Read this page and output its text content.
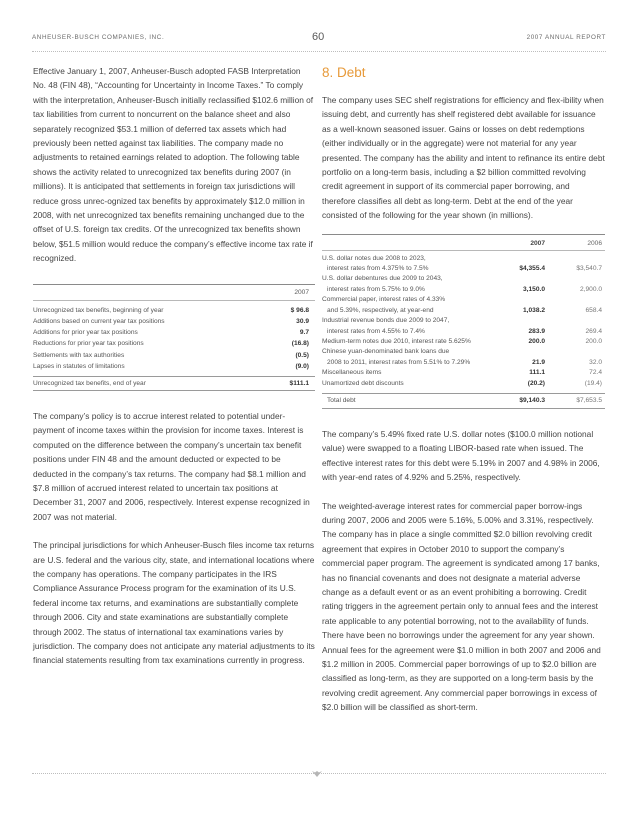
ANHEUSER-BUSCH COMPANIES, INC.	60	2007 ANNUAL REPORT

Effective January 1, 2007, Anheuser-Busch adopted FASB Interpretation No. 48 (FIN 48), “Accounting for Uncertainty in Income Taxes.” To comply with the interpretation, Anheuser-Busch initially reclassified $102.6 million of tax liabilities from current to noncurrent on the balance sheet and also separately recognized $53.1 million of deferred tax assets which had previously been netted against tax liabilities. The company made no adjustments to retained earnings related to adoption. The following table shows the activity related to unrecognized tax benefits during 2007 (in millions). It is anticipated that settlements in foreign tax jurisdictions will reduce gross unrec-ognized tax benefits by approximately $12.0 million in 2008, with net unrecognized tax benefits remaining unchanged due to the offset of U.S. foreign tax credits. Of the unrecognized tax benefits shown below, $51.5 million would reduce the company’s effective income tax rate if recognized.

2007
Unrecognized tax benefits, beginning of year	$ 96.8
Additions based on current year tax positions	30.9
Additions for prior year tax positions	9.7
Reductions for prior year tax positions	(16.8)
Settlements with tax authorities	(0.5)
Lapses in statutes of limitations	(9.0)
Unrecognized tax benefits, end of year	$111.1

The company’s policy is to accrue interest related to potential under-payment of income taxes within the provision for income taxes. Interest is computed on the difference between the company’s uncertain tax benefit positions under FIN 48 and the amount deducted or expected to be deducted in the company’s tax returns. The company had $8.1 million and $7.8 million of accrued interest related to uncertain tax positions at December 31, 2007 and 2006, respectively. Interest expense recognized in 2007 was not material.

The principal jurisdictions for which Anheuser-Busch files income tax returns are U.S. federal and the various city, state, and international locations where the company has operations. The company participates in the IRS Compliance Assurance Process program for the examination of its U.S. federal income tax returns, and examinations are substantially complete through 2006. City and state examinations are substantially complete through 2002. The status of international tax examinations varies by jurisdiction. The company does not anticipate any material adjustments to its financial statements resulting from tax examinations currently in progress.

8. Debt

The company uses SEC shelf registrations for efficiency and flex-ibility when issuing debt, and currently has shelf registered debt available for issuance as a well-known seasoned issuer. Gains or losses on debt redemptions (either individually or in the aggregate) were not material for any year presented. The company has the ability and intent to refinance its entire debt portfolio on a long-term basis, including a $2 billion committed revolving credit agreement in support of its commercial paper borrowing, and therefore classifies all debt as long-term. Debt at the end of the year consisted of the following for the year shown (in millions).

2007	2006
U.S. dollar notes due 2008 to 2023,
interest rates from 4.375% to 7.5%	$4,355.4	$3,540.7
U.S. dollar debentures due 2009 to 2043,
interest rates from 5.75% to 9.0%	3,150.0	2,900.0
Commercial paper, interest rates of 4.33%
and 5.39%, respectively, at year-end	1,038.2	658.4
Industrial revenue bonds due 2009 to 2047,
interest rates from 4.55% to 7.4%	283.9	269.4
Medium-term notes due 2010, interest rate 5.625%	200.0	200.0
Chinese yuan-denominated bank loans due
2008 to 2011, interest rates from 5.51% to 7.29%	21.9	32.0
Miscellaneous items	111.1	72.4
Unamortized debt discounts	(20.2)	(19.4)
Total debt	$9,140.3	$7,653.5

The company’s 5.49% fixed rate U.S. dollar notes ($100.0 million notional value) were swapped to a floating LIBOR-based rate when issued. The effective interest rates for this debt were 5.19% in 2007 and 4.98% in 2006, with year-end rates of 4.92% and 5.25%, respectively.

The weighted-average interest rates for commercial paper borrow-ings during 2007, 2006 and 2005 were 5.16%, 5.00% and 3.31%, respectively. The company has in place a single committed $2.0 billion revolving credit agreement that expires in October 2010 to support the company’s commercial paper program. The agreement is syndicated among 17 banks, has no financial covenants and does not designate a material adverse change as a default event or as an event prohibiting a borrowing. Credit rating triggers in the agreement pertain only to annual fees and the interest rate applicable to any potential borrowing, not to the availability of funds. There have been no borrowings under the agreement for any year shown. Annual fees for the agreement were $1.0 million in both 2007 and 2006 and $1.2 million in 2005. Commercial paper borrowings of up to $2.0 billion are classified as long-term, as they are supported on a long-term basis by the revolving credit agreement. Any commercial paper borrowings in excess of $2.0 billion will be classified as short-term.
